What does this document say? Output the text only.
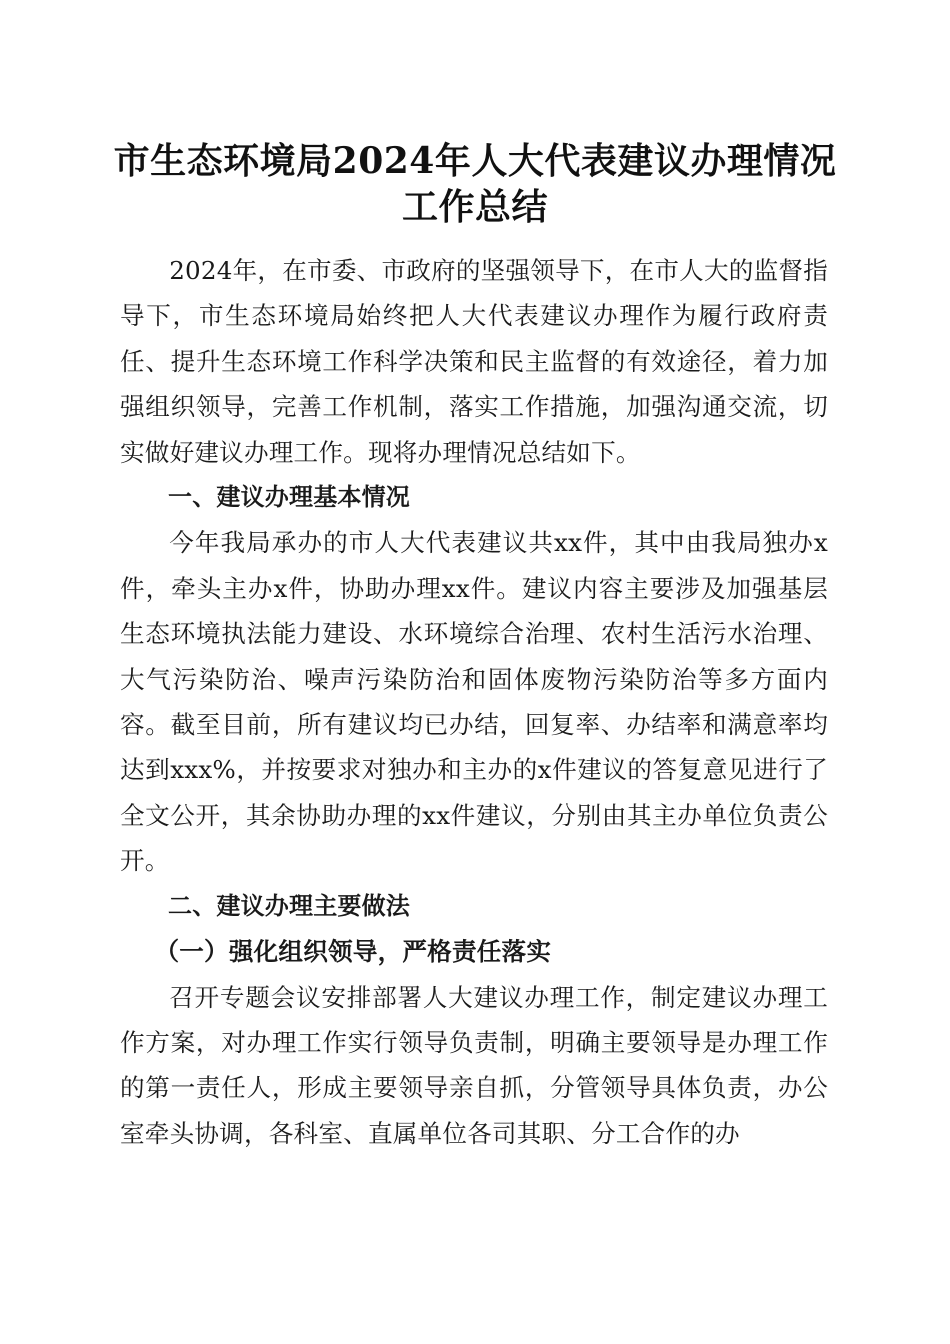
市生态环境局2024年人大代表建议办理情况
工作总结

2024年，在市委、市政府的坚强领导下，在市人大的监督指导下，市生态环境局始终把人大代表建议办理作为履行政府责任、提升生态环境工作科学决策和民主监督的有效途径，着力加强组织领导，完善工作机制，落实工作措施，加强沟通交流，切实做好建议办理工作。现将办理情况总结如下。

一、建议办理基本情况

今年我局承办的市人大代表建议共xx件，其中由我局独办x件，牵头主办x件，协助办理xx件。建议内容主要涉及加强基层生态环境执法能力建设、水环境综合治理、农村生活污水治理、大气污染防治、噪声污染防治和固体废物污染防治等多方面内容。截至目前，所有建议均已办结，回复率、办结率和满意率均达到xxx%，并按要求对独办和主办的x件建议的答复意见进行了全文公开，其余协助办理的xx件建议，分别由其主办单位负责公开。

二、建议办理主要做法

（一）强化组织领导，严格责任落实

召开专题会议安排部署人大建议办理工作，制定建议办理工作方案，对办理工作实行领导负责制，明确主要领导是办理工作的第一责任人，形成主要领导亲自抓，分管领导具体负责，办公室牵头协调，各科室、直属单位各司其职、分工合作的办
